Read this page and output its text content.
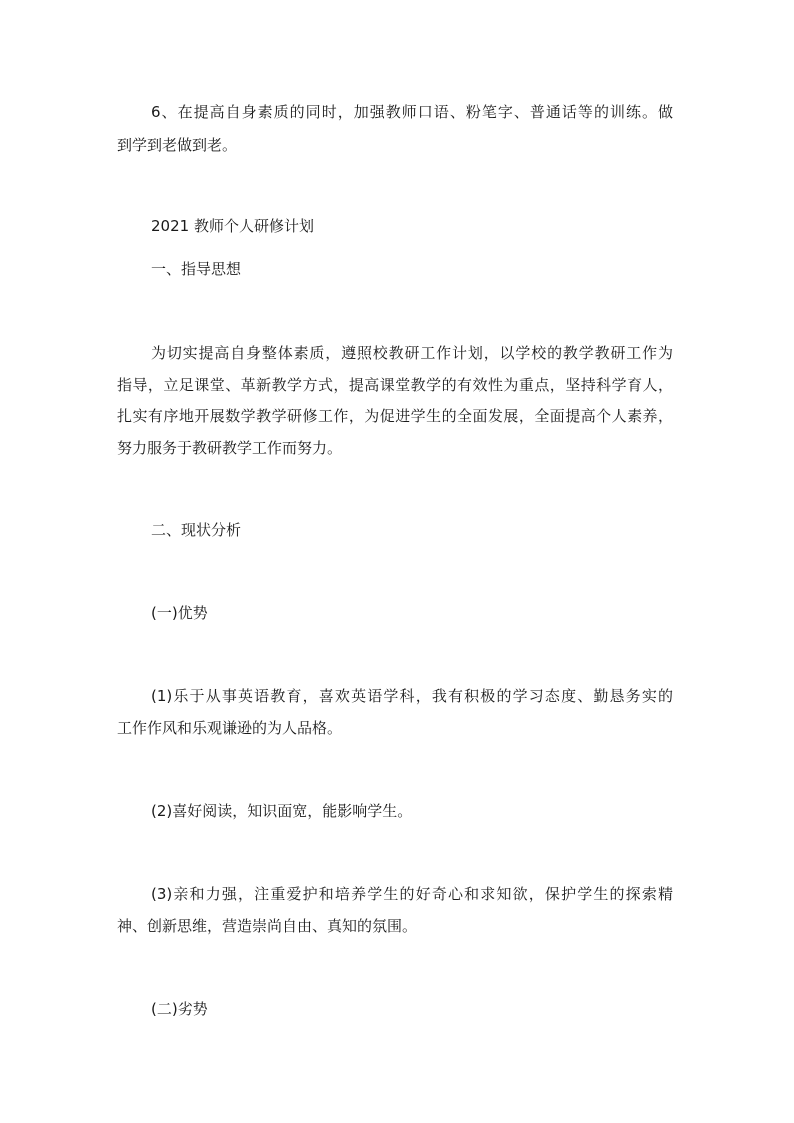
6、在提高自身素质的同时，加强教师口语、粉笔字、普通话等的训练。做

到学到老做到老。

2021 教师个人研修计划

一、指导思想

为切实提高自身整体素质，遵照校教研工作计划，以学校的教学教研工作为

指导，立足课堂、革新教学方式，提高课堂教学的有效性为重点，坚持科学育人，

扎实有序地开展数学教学研修工作，为促进学生的全面发展，全面提高个人素养，

努力服务于教研教学工作而努力。

二、现状分析

(一)优势

(1)乐于从事英语教育，喜欢英语学科，我有积极的学习态度、勤恳务实的

工作作风和乐观谦逊的为人品格。

(2)喜好阅读，知识面宽，能影响学生。

(3)亲和力强，注重爱护和培养学生的好奇心和求知欲，保护学生的探索精

神、创新思维，营造崇尚自由、真知的氛围。

(二)劣势
